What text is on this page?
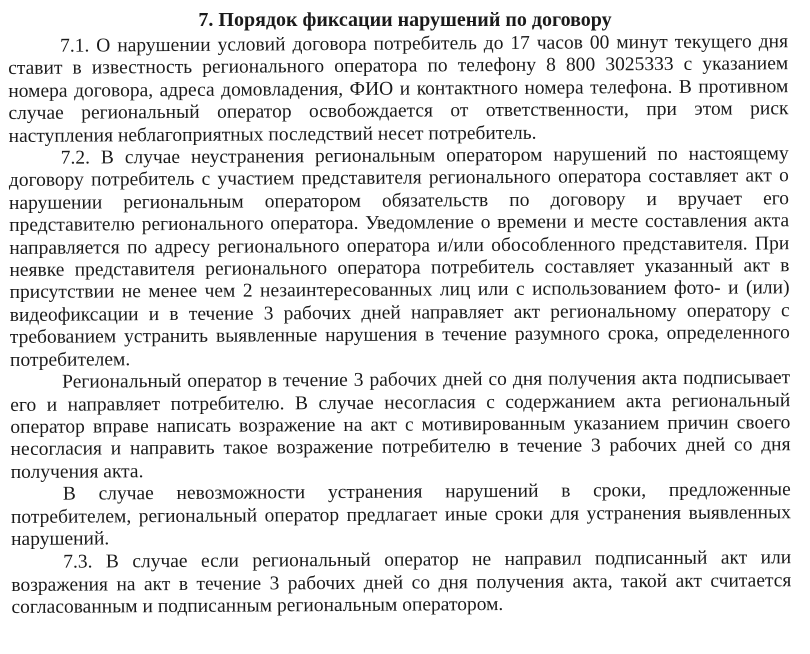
7. Порядок фиксации нарушений по договору

7.1. О нарушении условий договора потребитель до 17 часов 00 минут текущего дня ставит в известность регионального оператора по телефону 8 800 3025333 с указанием номера договора, адреса домовладения, ФИО и контактного номера телефона. В противном случае региональный оператор освобождается от ответственности, при этом риск наступления неблагоприятных последствий несет потребитель.

7.2. В случае неустранения региональным оператором нарушений по настоящему договору потребитель с участием представителя регионального оператора составляет акт о нарушении региональным оператором обязательств по договору и вручает его представителю регионального оператора. Уведомление о времени и месте составления акта направляется по адресу регионального оператора и/или обособленного представителя. При неявке представителя регионального оператора потребитель составляет указанный акт в присутствии не менее чем 2 незаинтересованных лиц или с использованием фото- и (или) видеофиксации и в течение 3 рабочих дней направляет акт региональному оператору с требованием устранить выявленные нарушения в течение разумного срока, определенного потребителем.

Региональный оператор в течение 3 рабочих дней со дня получения акта подписывает его и направляет потребителю. В случае несогласия с содержанием акта региональный оператор вправе написать возражение на акт с мотивированным указанием причин своего несогласия и направить такое возражение потребителю в течение 3 рабочих дней со дня получения акта.

В случае невозможности устранения нарушений в сроки, предложенные потребителем, региональный оператор предлагает иные сроки для устранения выявленных нарушений.

7.3. В случае если региональный оператор не направил подписанный акт или возражения на акт в течение 3 рабочих дней со дня получения акта, такой акт считается согласованным и подписанным региональным оператором.
